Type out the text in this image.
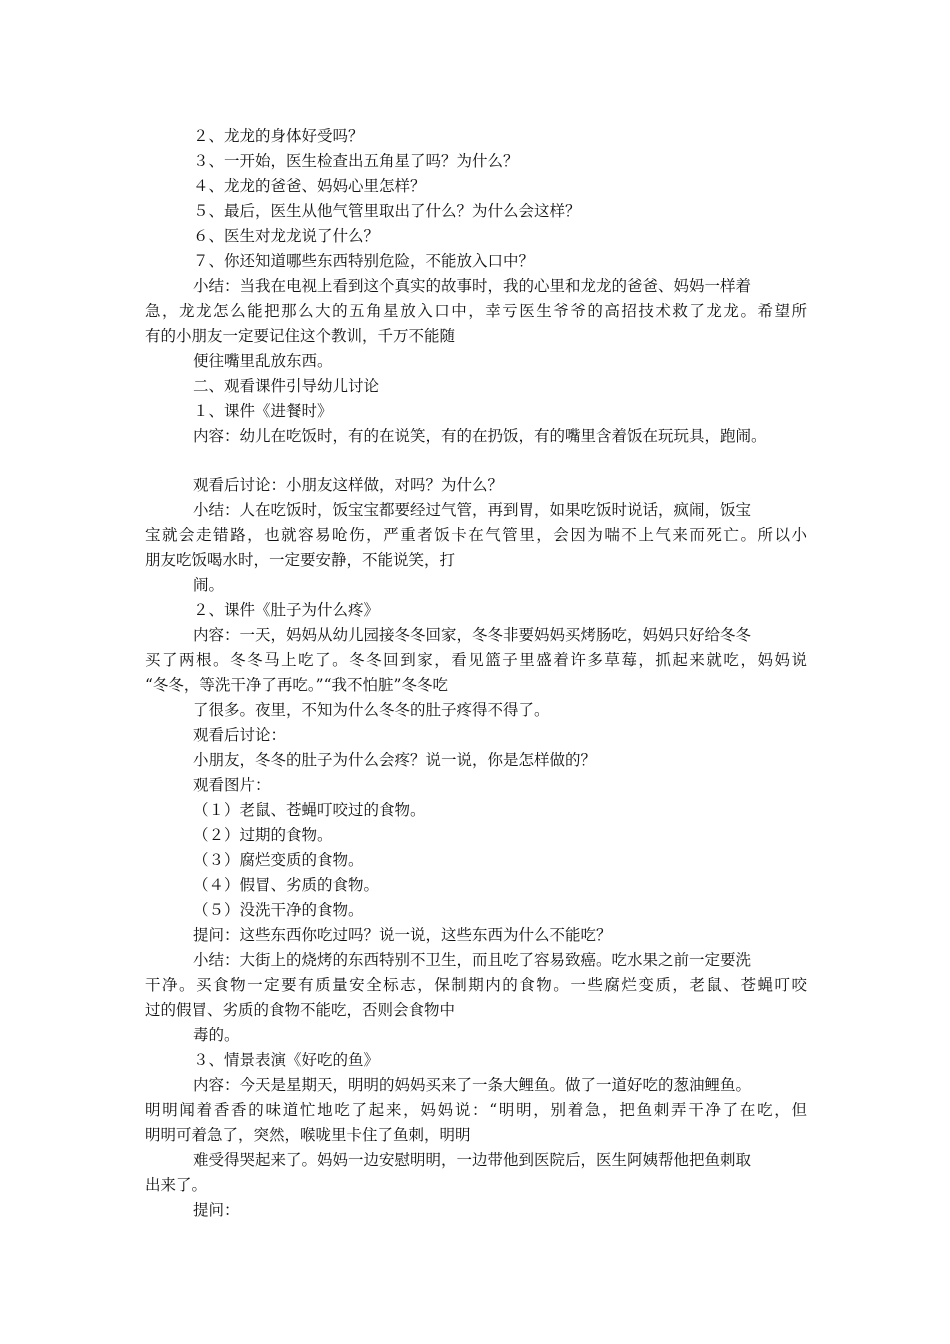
２、龙龙的身体好受吗？

３、一开始，医生检查出五角星了吗？为什么？

４、龙龙的爸爸、妈妈心里怎样？

５、最后，医生从他气管里取出了什么？为什么会这样？

６、医生对龙龙说了什么？

７、你还知道哪些东西特别危险，不能放入口中？

小结：当我在电视上看到这个真实的故事时，我的心里和龙龙的爸爸、妈妈一样着

急，龙龙怎么能把那么大的五角星放入口中，幸亏医生爷爷的高招技术救了龙龙。希望所

有的小朋友一定要记住这个教训，千万不能随

便往嘴里乱放东西。

二、观看课件引导幼儿讨论

１、课件《进餐时》

内容：幼儿在吃饭时，有的在说笑，有的在扔饭，有的嘴里含着饭在玩玩具，跑闹。

观看后讨论：小朋友这样做，对吗？为什么？

小结：人在吃饭时，饭宝宝都要经过气管，再到胃，如果吃饭时说话，疯闹，饭宝

宝就会走错路，也就容易呛伤，严重者饭卡在气管里，会因为喘不上气来而死亡。所以小

朋友吃饭喝水时，一定要安静，不能说笑，打

闹。

２、课件《肚子为什么疼》

内容：一天，妈妈从幼儿园接冬冬回家，冬冬非要妈妈买烤肠吃，妈妈只好给冬冬

买了两根。冬冬马上吃了。冬冬回到家，看见篮子里盛着许多草莓，抓起来就吃，妈妈说

“冬冬，等洗干净了再吃。”“我不怕脏”冬冬吃

了很多。夜里，不知为什么冬冬的肚子疼得不得了。

观看后讨论：

小朋友，冬冬的肚子为什么会疼？说一说，你是怎样做的？

观看图片：

（１）老鼠、苍蝇叮咬过的食物。

（２）过期的食物。

（３）腐烂变质的食物。

（４）假冒、劣质的食物。

（５）没洗干净的食物。

提问：这些东西你吃过吗？说一说，这些东西为什么不能吃？

小结：大街上的烧烤的东西特别不卫生，而且吃了容易致癌。吃水果之前一定要洗

干净。买食物一定要有质量安全标志，保制期内的食物。一些腐烂变质，老鼠、苍蝇叮咬

过的假冒、劣质的食物不能吃，否则会食物中

毒的。

３、情景表演《好吃的鱼》

内容：今天是星期天，明明的妈妈买来了一条大鲤鱼。做了一道好吃的葱油鲤鱼。

明明闻着香香的味道忙地吃了起来，妈妈说：“明明，别着急，把鱼刺弄干净了在吃，但

明明可着急了，突然，喉咙里卡住了鱼刺，明明

难受得哭起来了。妈妈一边安慰明明，一边带他到医院后，医生阿姨帮他把鱼刺取

出来了。

提问：
